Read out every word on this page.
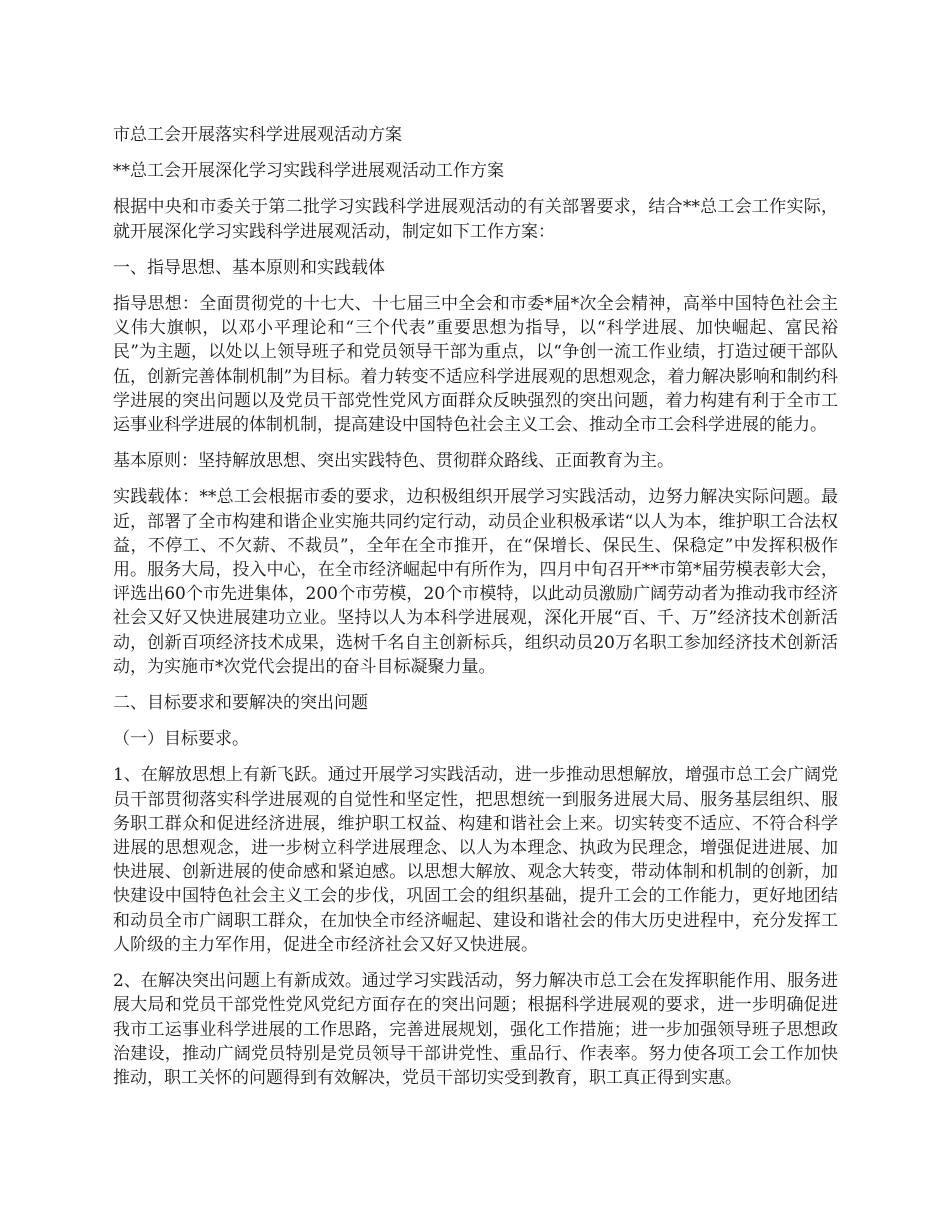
市总工会开展落实科学进展观活动方案

**总工会开展深化学习实践科学进展观活动工作方案

根据中央和市委关于第二批学习实践科学进展观活动的有关部署要求，结合**总工会工作实际，就开展深化学习实践科学进展观活动，制定如下工作方案：

一、指导思想、基本原则和实践载体

指导思想：全面贯彻党的十七大、十七届三中全会和市委*届*次全会精神，高举中国特色社会主义伟大旗帜，以邓小平理论和“三个代表”重要思想为指导，以“科学进展、加快崛起、富民裕民”为主题，以处以上领导班子和党员领导干部为重点，以“争创一流工作业绩，打造过硬干部队伍，创新完善体制机制”为目标。着力转变不适应科学进展观的思想观念，着力解决影响和制约科学进展的突出问题以及党员干部党性党风方面群众反映强烈的突出问题，着力构建有利于全市工运事业科学进展的体制机制，提高建设中国特色社会主义工会、推动全市工会科学进展的能力。

基本原则：坚持解放思想、突出实践特色、贯彻群众路线、正面教育为主。

实践载体：**总工会根据市委的要求，边积极组织开展学习实践活动，边努力解决实际问题。最近，部署了全市构建和谐企业实施共同约定行动，动员企业积极承诺“以人为本，维护职工合法权益，不停工、不欠薪、不裁员”，全年在全市推开，在“保增长、保民生、保稳定”中发挥积极作用。服务大局，投入中心，在全市经济崛起中有所作为，四月中旬召开**市第*届劳模表彰大会，评选出60个市先进集体，200个市劳模，20个市模特，以此动员激励广阔劳动者为推动我市经济社会又好又快进展建功立业。坚持以人为本科学进展观，深化开展“百、千、万”经济技术创新活动，创新百项经济技术成果，选树千名自主创新标兵，组织动员20万名职工参加经济技术创新活动，为实施市*次党代会提出的奋斗目标凝聚力量。

二、目标要求和要解决的突出问题

（一）目标要求。

1、在解放思想上有新飞跃。通过开展学习实践活动，进一步推动思想解放，增强市总工会广阔党员干部贯彻落实科学进展观的自觉性和坚定性，把思想统一到服务进展大局、服务基层组织、服务职工群众和促进经济进展，维护职工权益、构建和谐社会上来。切实转变不适应、不符合科学进展的思想观念，进一步树立科学进展理念、以人为本理念、执政为民理念，增强促进进展、加快进展、创新进展的使命感和紧迫感。以思想大解放、观念大转变，带动体制和机制的创新，加快建设中国特色社会主义工会的步伐，巩固工会的组织基础，提升工会的工作能力，更好地团结和动员全市广阔职工群众，在加快全市经济崛起、建设和谐社会的伟大历史进程中，充分发挥工人阶级的主力军作用，促进全市经济社会又好又快进展。

2、在解决突出问题上有新成效。通过学习实践活动，努力解决市总工会在发挥职能作用、服务进展大局和党员干部党性党风党纪方面存在的突出问题；根据科学进展观的要求，进一步明确促进我市工运事业科学进展的工作思路，完善进展规划，强化工作措施；进一步加强领导班子思想政治建设，推动广阔党员特别是党员领导干部讲党性、重品行、作表率。努力使各项工会工作加快推动，职工关怀的问题得到有效解决，党员干部切实受到教育，职工真正得到实惠。
